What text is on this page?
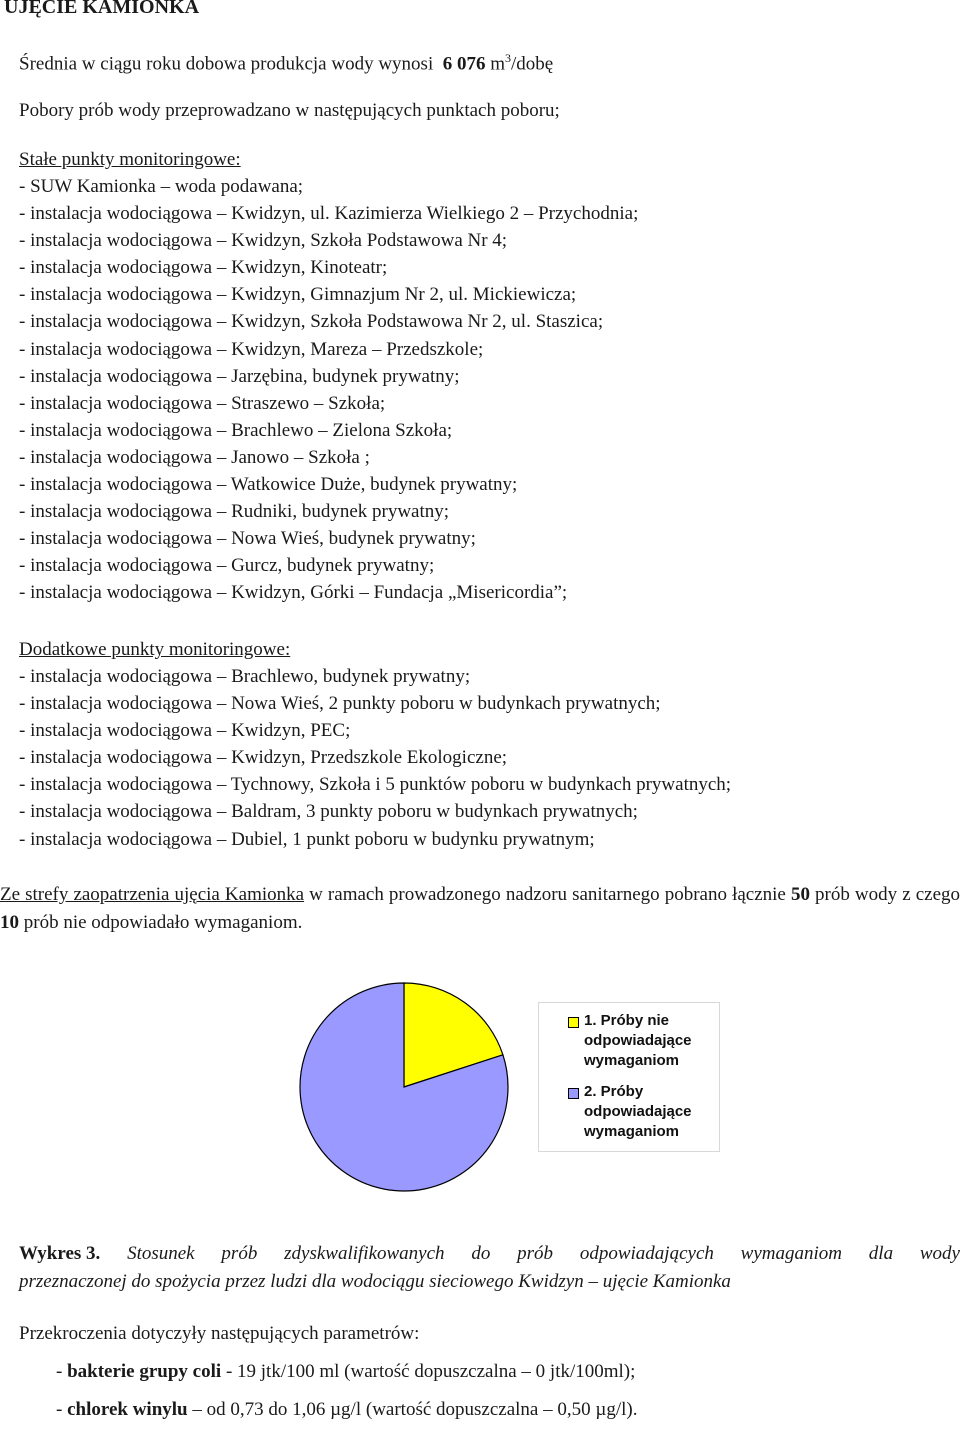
UJĘCIE KAMIONKA
Średnia w ciągu roku dobowa produkcja wody wynosi 6 076 $m^3$/dobę
Pobory prób wody przeprowadzano w następujących punktach poboru;
Stałe punkty monitoringowe:
- SUW Kamionka – woda podawana;
- instalacja wodociągowa – Kwidzyn, ul. Kazimierza Wielkiego 2 – Przychodnia;
- instalacja wodociągowa – Kwidzyn, Szkoła Podstawowa Nr 4;
- instalacja wodociągowa – Kwidzyn, Kinoteatr;
- instalacja wodociągowa – Kwidzyn, Gimnazjum Nr 2, ul. Mickiewicza;
- instalacja wodociągowa – Kwidzyn, Szkoła Podstawowa Nr 2, ul. Staszica;
- instalacja wodociągowa – Kwidzyn, Mareza – Przedszkole;
- instalacja wodociągowa – Jarzębina, budynek prywatny;
- instalacja wodociągowa – Straszewo – Szkoła;
- instalacja wodociągowa – Brachlewo – Zielona Szkoła;
- instalacja wodociągowa – Janowo – Szkoła ;
- instalacja wodociągowa – Watkowice Duże, budynek prywatny;
- instalacja wodociągowa – Rudniki, budynek prywatny;
- instalacja wodociągowa – Nowa Wieś, budynek prywatny;
- instalacja wodociągowa – Gurcz, budynek prywatny;
- instalacja wodociągowa – Kwidzyn, Górki – Fundacja „Misericordia”;
Dodatkowe punkty monitoringowe:
- instalacja wodociągowa – Brachlewo, budynek prywatny;
- instalacja wodociągowa – Nowa Wieś, 2 punkty poboru w budynkach prywatnych;
- instalacja wodociągowa – Kwidzyn, PEC;
- instalacja wodociągowa – Kwidzyn, Przedszkole Ekologiczne;
- instalacja wodociągowa – Tychnowy, Szkoła i 5 punktów poboru w budynkach prywatnych;
- instalacja wodociągowa – Baldram, 3 punkty poboru w budynkach prywatnych;
- instalacja wodociągowa – Dubiel, 1 punkt poboru w budynku prywatnym;
Ze strefy zaopatrzenia ujęcia Kamionka w ramach prowadzonego nadzoru sanitarnego pobrano łącznie 50 prób wody z czego 10 prób nie odpowiadało wymaganiom.
1. Próby nie
odpowiadające
wymaganiom
2. Próby
odpowiadające
wymaganiom
Wykres 3. Stosunek prób zdyskwalifikowanych do prób odpowiadających wymaganiom dla wody
przeznaczonej do spożycia przez ludzi dla wodociągu sieciowego Kwidzyn – ujęcie Kamionka
Przekroczenia dotyczyły następujących parametrów:
- bakterie grupy coli - 19 jtk/100 ml (wartość dopuszczalna – 0 jtk/100ml);
- chlorek winylu – od 0,73 do 1,06 µg/l (wartość dopuszczalna – 0,50 µg/l).
